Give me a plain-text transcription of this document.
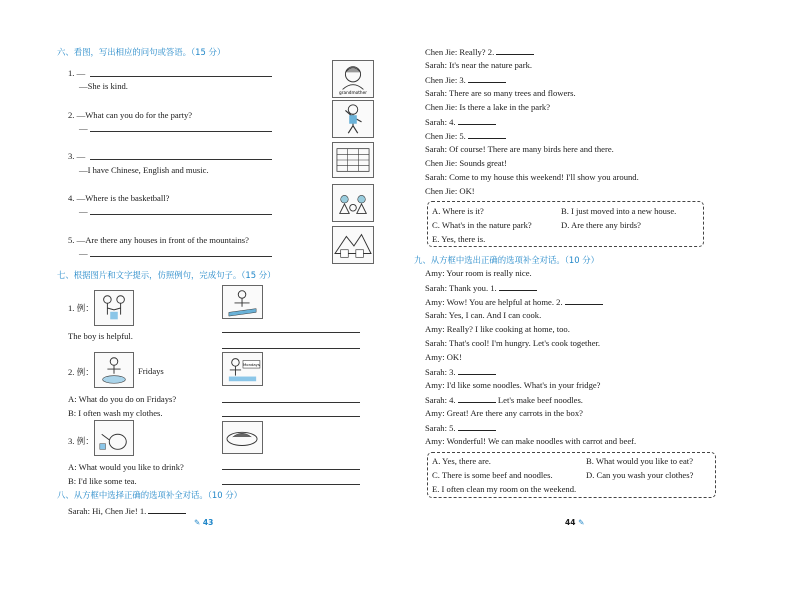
六、看图，写出相应的问句或答语。（15 分）
1. —
—She is kind.
2. —What can you do for the party?
—
3. —
—I have Chinese, English and music.
4. —Where is the basketball?
—
5. —Are there any houses in front of the mountains?
—
grandmother
七、根据图片和文字提示，仿照例句，完成句子。（15 分）
1. 例：
The boy is helpful.
2. 例：	Fridays
Mondays
A: What do you do on Fridays?
B: I often wash my clothes.
3. 例：
A: What would you like to drink?
B: I'd like some tea.
八、从方框中选择正确的选项补全对话。（10 分）
Sarah: Hi, Chen Jie! 1.
✎ 43
Chen Jie: Really? 2.
Sarah: It's near the nature park.
Chen Jie: 3.
Sarah: There are so many trees and flowers.
Chen Jie: Is there a lake in the park?
Sarah: 4.
Chen Jie: 5.
Sarah: Of course! There are many birds here and there.
Chen Jie: Sounds great!
Sarah: Come to my house this weekend! I'll show you around.
Chen Jie: OK!
A. Where is it?	B. I just moved into a new house.
C. What's in the nature park?	D. Are there any birds?
E. Yes, there is.
九、从方框中选出正确的选项补全对话。（10 分）
Amy: Your room is really nice.
Sarah: Thank you. 1.
Amy: Wow! You are helpful at home. 2.
Sarah: Yes, I can. And I can cook.
Amy: Really? I like cooking at home, too.
Sarah: That's cool! I'm hungry. Let's cook together.
Amy: OK!
Sarah: 3.
Amy: I'd like some noodles. What's in your fridge?
Sarah: 4.	Let's make beef noodles.
Amy: Great! Are there any carrots in the box?
Sarah: 5.
Amy: Wonderful! We can make noodles with carrot and beef.
A. Yes, there are.	B. What would you like to eat?
C. There is some beef and noodles.	D. Can you wash your clothes?
E. I often clean my room on the weekend.
44 ✎
